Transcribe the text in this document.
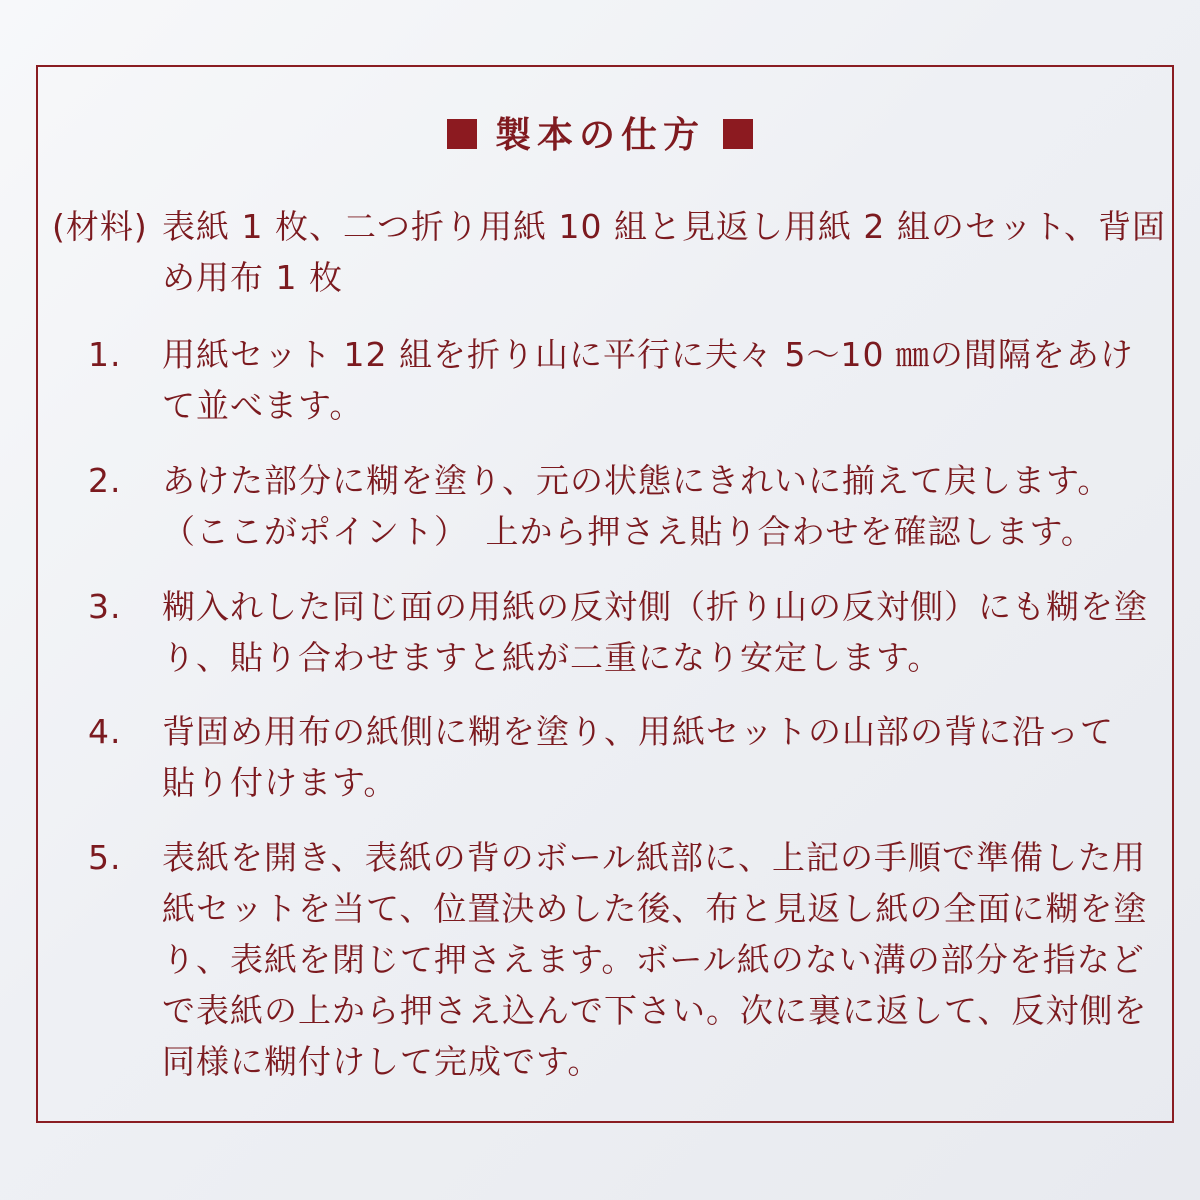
製本の仕方
(材料) 表紙 1 枚、二つ折り用紙 10 組と見返し用紙 2 組のセット、背固
め用布 1 枚
1. 用紙セット 12 組を折り山に平行に夫々 5～10 ㎜の間隔をあけ
て並べます。
2. あけた部分に糊を塗り、元の状態にきれいに揃えて戻します。
（ここがポイント）　上から押さえ貼り合わせを確認します。
3. 糊入れした同じ面の用紙の反対側（折り山の反対側）にも糊を塗
り、貼り合わせますと紙が二重になり安定します。
4. 背固め用布の紙側に糊を塗り、用紙セットの山部の背に沿って
貼り付けます。
5. 表紙を開き、表紙の背のボール紙部に、上記の手順で準備した用
紙セットを当て、位置決めした後、布と見返し紙の全面に糊を塗
り、表紙を閉じて押さえます。ボール紙のない溝の部分を指など
で表紙の上から押さえ込んで下さい。次に裏に返して、反対側を
同様に糊付けして完成です。
